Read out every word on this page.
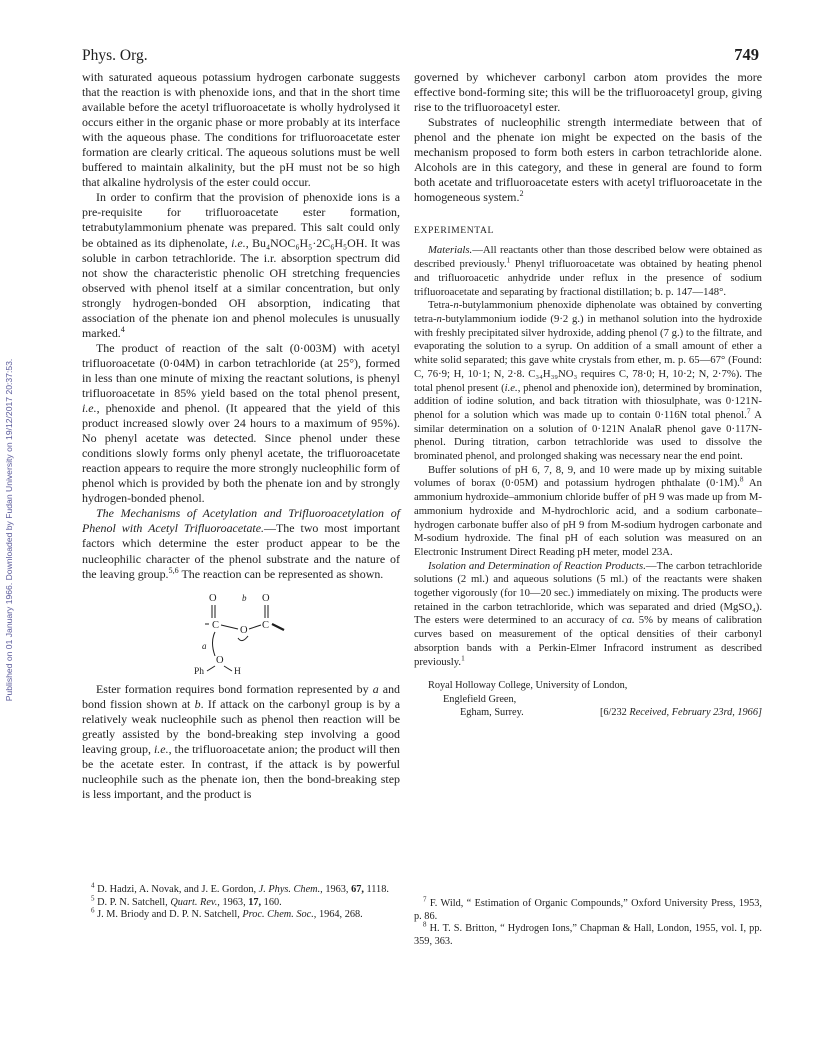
Published on 01 January 1966. Downloaded by Fudan University on 19/12/2017 20:37:53.
Phys. Org.	749

with saturated aqueous potassium hydrogen carbonate suggests that the reaction is with phenoxide ions, and that in the short time available before the acetyl trifluoroacetate is wholly hydrolysed it occurs either in the organic phase or more probably at its interface with the aqueous phase. The conditions for trifluoroacetate ester formation are clearly critical. The aqueous solutions must be well buffered to maintain alkalinity, but the pH must not be so high that alkaline hydrolysis of the ester could occur.

In order to confirm that the provision of phenoxide ions is a pre-requisite for trifluoroacetate ester formation, tetrabutylammonium phenate was prepared. This salt could only be obtained as its diphenolate, i.e., Bu₄NOC₆H₅·2C₆H₅OH. It was soluble in carbon tetrachloride. The i.r. absorption spectrum did not show the characteristic phenolic OH stretching frequencies observed with phenol itself at a similar concentration, but only strongly hydrogen-bonded OH absorption, indicating that association of the phenate ion and phenol molecules is unusually marked.$^4$

The product of reaction of the salt (0·003M) with acetyl trifluoroacetate (0·04M) in carbon tetrachloride (at 25°), formed in less than one minute of mixing the reactant solutions, is phenyl trifluoroacetate in 85% yield based on the total phenol present, i.e., phenoxide and phenol. (It appeared that the yield of this product increased slowly over 24 hours to a maximum of 95%). No phenyl acetate was detected. Since phenol under these conditions slowly forms only phenyl acetate, the trifluoroacetate reaction appears to require the more strongly nucleophilic form of phenol which is provided by both the phenate ion and by strongly hydrogen-bonded phenol.

The Mechanisms of Acetylation and Trifluoroacetylation of Phenol with Acetyl Trifluoroacetate.—The two most important factors which determine the ester product appear to be the nucleophilic character of the phenol substrate and the nature of the leaving group.$^{5,6}$ The reaction can be represented as shown.

O	b O
C O C
a
O
Ph	H

Ester formation requires bond formation represented by a and bond fission shown at b. If attack on the carbonyl group is by a relatively weak nucleophile such as phenol then reaction will be greatly assisted by the bond-breaking step involving a good leaving group, i.e., the trifluoroacetate anion; the product will then be the acetate ester. In contrast, if the attack is by powerful nucleophile such as the phenate ion, then the bond-breaking step is less important, and the product is

governed by whichever carbonyl carbon atom provides the more effective bond-forming site; this will be the trifluoroacetyl group, giving rise to the trifluoroacetyl ester.

Substrates of nucleophilic strength intermediate between that of phenol and the phenate ion might be expected on the basis of the mechanism proposed to form both esters in carbon tetrachloride alone. Alcohols are in this category, and these in general are found to form both acetate and trifluoroacetate esters with acetyl trifluoroacetate in the homogeneous system.$^2$

EXPERIMENTAL

Materials.—All reactants other than those described below were obtained as described previously.$^1$ Phenyl trifluoroacetate was obtained by heating phenol and trifluoroacetic anhydride under reflux in the presence of sodium trifluoroacetate and separating by fractional distillation; b. p. 147—148°.

Tetra-n-butylammonium phenoxide diphenolate was obtained by converting tetra-n-butylammonium iodide (9·2 g.) in methanol solution into the hydroxide with freshly precipitated silver hydroxide, adding phenol (7 g.) to the filtrate, and evaporating the solution to a syrup. On addition of a small amount of ether a white solid separated; this gave white crystals from ether, m. p. 65—67° (Found: C, 76·9; H, 10·1; N, 2·8. C₃₄H₃₉NO₃ requires C, 78·0; H, 10·2; N, 2·7%). The total phenol present (i.e., phenol and phenoxide ion), determined by bromination, addition of iodine solution, and back titration with thiosulphate, was 0·121N-phenol for a solution which was made up to contain 0·116N total phenol.$^7$ A similar determination on a solution of 0·121N AnalaR phenol gave 0·117N-phenol. During titration, carbon tetrachloride was used to dissolve the brominated phenol, and prolonged shaking was necessary near the end point.

Buffer solutions of pH 6, 7, 8, 9, and 10 were made up by mixing suitable volumes of borax (0·05M) and potassium hydrogen phthalate (0·1M).$^8$ An ammonium hydroxide–ammonium chloride buffer of pH 9 was made up from M-ammonium hydroxide and M-hydrochloric acid, and a sodium carbonate–hydrogen carbonate buffer also of pH 9 from M-sodium hydrogen carbonate and M-sodium hydroxide. The final pH of each solution was measured on an Electronic Instrument Direct Reading pH meter, model 23A.

Isolation and Determination of Reaction Products.—The carbon tetrachloride solutions (2 ml.) and aqueous solutions (5 ml.) of the reactants were shaken together vigorously (for 10—20 sec.) immediately on mixing. The products were retained in the carbon tetrachloride, which was separated and dried (MgSO₄). The esters were determined to an accuracy of ca. 5% by means of calibration curves based on measurement of the optical densities of their carbonyl absorption bands with a Perkin-Elmer Infracord instrument as described previously.$^1$

Royal Holloway College, University of London,
Englefield Green,
Egham, Surrey.	[6/232 Received, February 23rd, 1966]
$^4$ D. Hadzi, A. Novak, and J. E. Gordon, J. Phys. Chem., 1963, 67, 1118.
$^5$ D. P. N. Satchell, Quart. Rev., 1963, 17, 160.
$^6$ J. M. Briody and D. P. N. Satchell, Proc. Chem. Soc., 1964, 268.
$^7$ F. Wild, “ Estimation of Organic Compounds,” Oxford University Press, 1953, p. 86.
$^8$ H. T. S. Britton, “ Hydrogen Ions,” Chapman & Hall, London, 1955, vol. I, pp. 359, 363.
